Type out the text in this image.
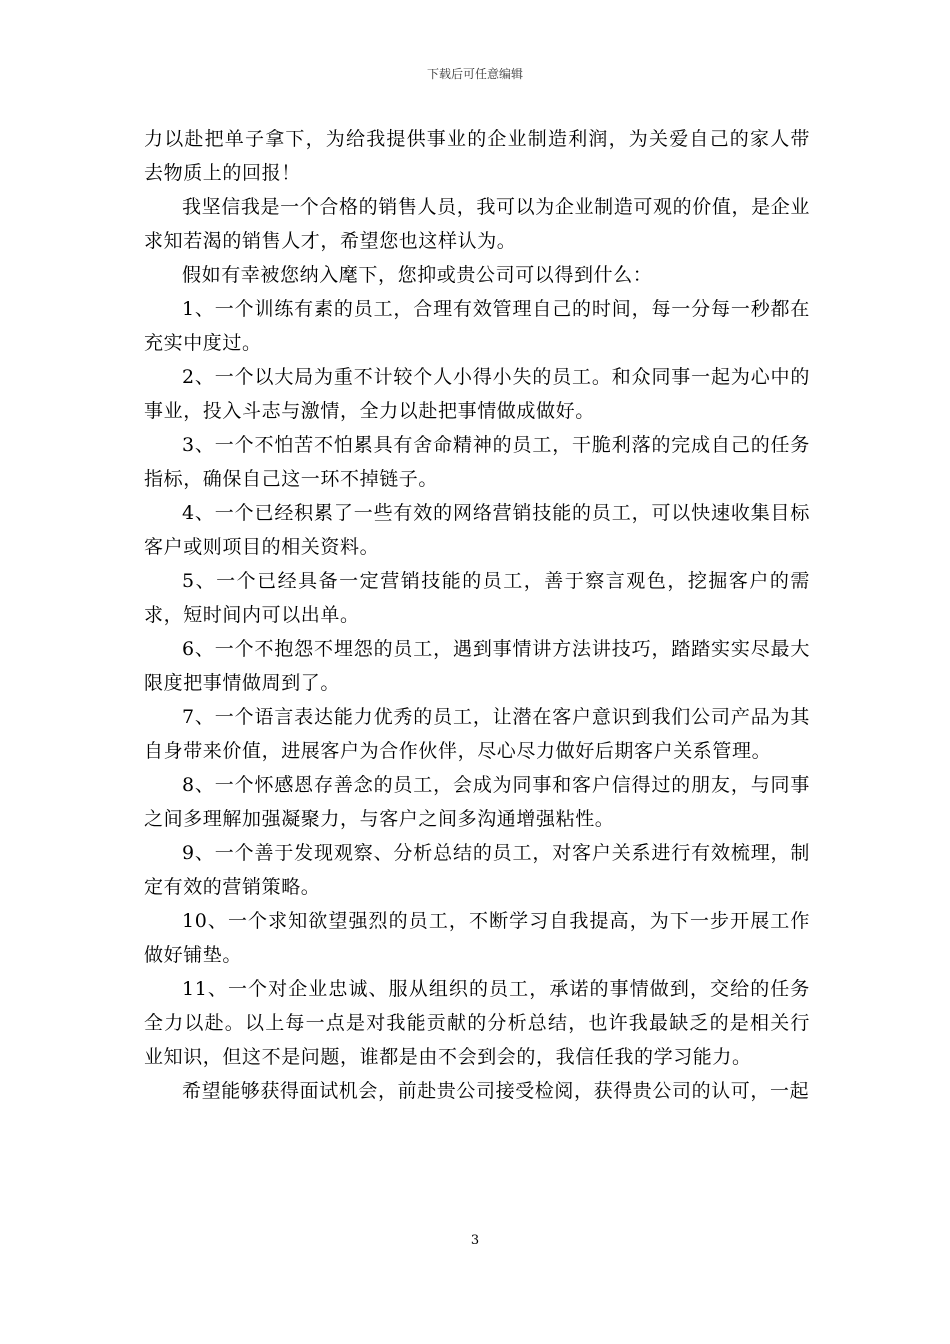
下载后可任意编辑

力以赴把单子拿下，为给我提供事业的企业制造利润，为关爱自己的家人带去物质上的回报！

我坚信我是一个合格的销售人员，我可以为企业制造可观的价值，是企业求知若渴的销售人才，希望您也这样认为。

假如有幸被您纳入麾下，您抑或贵公司可以得到什么：

1、一个训练有素的员工，合理有效管理自己的时间，每一分每一秒都在充实中度过。

2、一个以大局为重不计较个人小得小失的员工。和众同事一起为心中的事业，投入斗志与激情，全力以赴把事情做成做好。

3、一个不怕苦不怕累具有舍命精神的员工，干脆利落的完成自己的任务指标，确保自己这一环不掉链子。

4、一个已经积累了一些有效的网络营销技能的员工，可以快速收集目标客户或则项目的相关资料。

5、一个已经具备一定营销技能的员工，善于察言观色，挖掘客户的需求，短时间内可以出单。

6、一个不抱怨不埋怨的员工，遇到事情讲方法讲技巧，踏踏实实尽最大限度把事情做周到了。

7、一个语言表达能力优秀的员工，让潜在客户意识到我们公司产品为其自身带来价值，进展客户为合作伙伴，尽心尽力做好后期客户关系管理。

8、一个怀感恩存善念的员工，会成为同事和客户信得过的朋友，与同事之间多理解加强凝聚力，与客户之间多沟通增强粘性。

9、一个善于发现观察、分析总结的员工，对客户关系进行有效梳理，制定有效的营销策略。

10、一个求知欲望强烈的员工，不断学习自我提高，为下一步开展工作做好铺垫。

11、一个对企业忠诚、服从组织的员工，承诺的事情做到，交给的任务全力以赴。以上每一点是对我能贡献的分析总结，也许我最缺乏的是相关行业知识，但这不是问题，谁都是由不会到会的，我信任我的学习能力。

希望能够获得面试机会，前赴贵公司接受检阅，获得贵公司的认可，一起

3
